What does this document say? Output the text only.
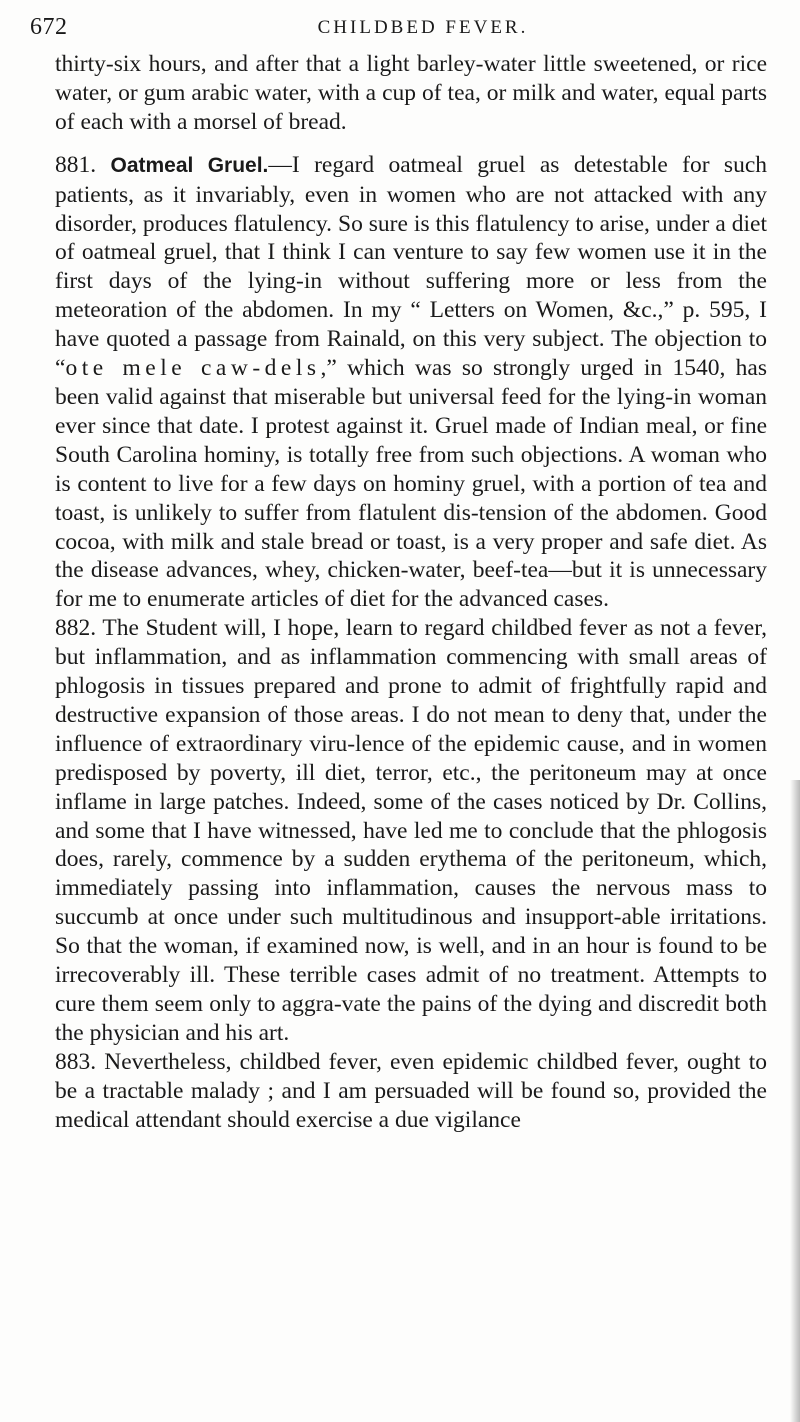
672	CHILDBED FEVER.

thirty-six hours, and after that a light barley-water little sweetened, or rice water, or gum arabic water, with a cup of tea, or milk and water, equal parts of each with a morsel of bread.

881. Oatmeal Gruel.—I regard oatmeal gruel as detestable for such patients, as it invariably, even in women who are not attacked with any disorder, produces flatulency. So sure is this flatulency to arise, under a diet of oatmeal gruel, that I think I can venture to say few women use it in the first days of the lying-in without suffering more or less from the meteoration of the abdomen. In my “ Letters on Women, &c.,” p. 595, I have quoted a passage from Rainald, on this very subject. The objection to “ote mele caw-dels,” which was so strongly urged in 1540, has been valid against that miserable but universal feed for the lying-in woman ever since that date. I protest against it. Gruel made of Indian meal, or fine South Carolina hominy, is totally free from such objections. A woman who is content to live for a few days on hominy gruel, with a portion of tea and toast, is unlikely to suffer from flatulent dis-tension of the abdomen. Good cocoa, with milk and stale bread or toast, is a very proper and safe diet. As the disease advances, whey, chicken-water, beef-tea—but it is unnecessary for me to enumerate articles of diet for the advanced cases.

882. The Student will, I hope, learn to regard childbed fever as not a fever, but inflammation, and as inflammation commencing with small areas of phlogosis in tissues prepared and prone to admit of frightfully rapid and destructive expansion of those areas. I do not mean to deny that, under the influence of extraordinary viru-lence of the epidemic cause, and in women predisposed by poverty, ill diet, terror, etc., the peritoneum may at once inflame in large patches. Indeed, some of the cases noticed by Dr. Collins, and some that I have witnessed, have led me to conclude that the phlogosis does, rarely, commence by a sudden erythema of the peritoneum, which, immediately passing into inflammation, causes the nervous mass to succumb at once under such multitudinous and insupport-able irritations. So that the woman, if examined now, is well, and in an hour is found to be irrecoverably ill. These terrible cases admit of no treatment. Attempts to cure them seem only to aggra-vate the pains of the dying and discredit both the physician and his art.

883. Nevertheless, childbed fever, even epidemic childbed fever, ought to be a tractable malady ; and I am persuaded will be found so, provided the medical attendant should exercise a due vigilance
